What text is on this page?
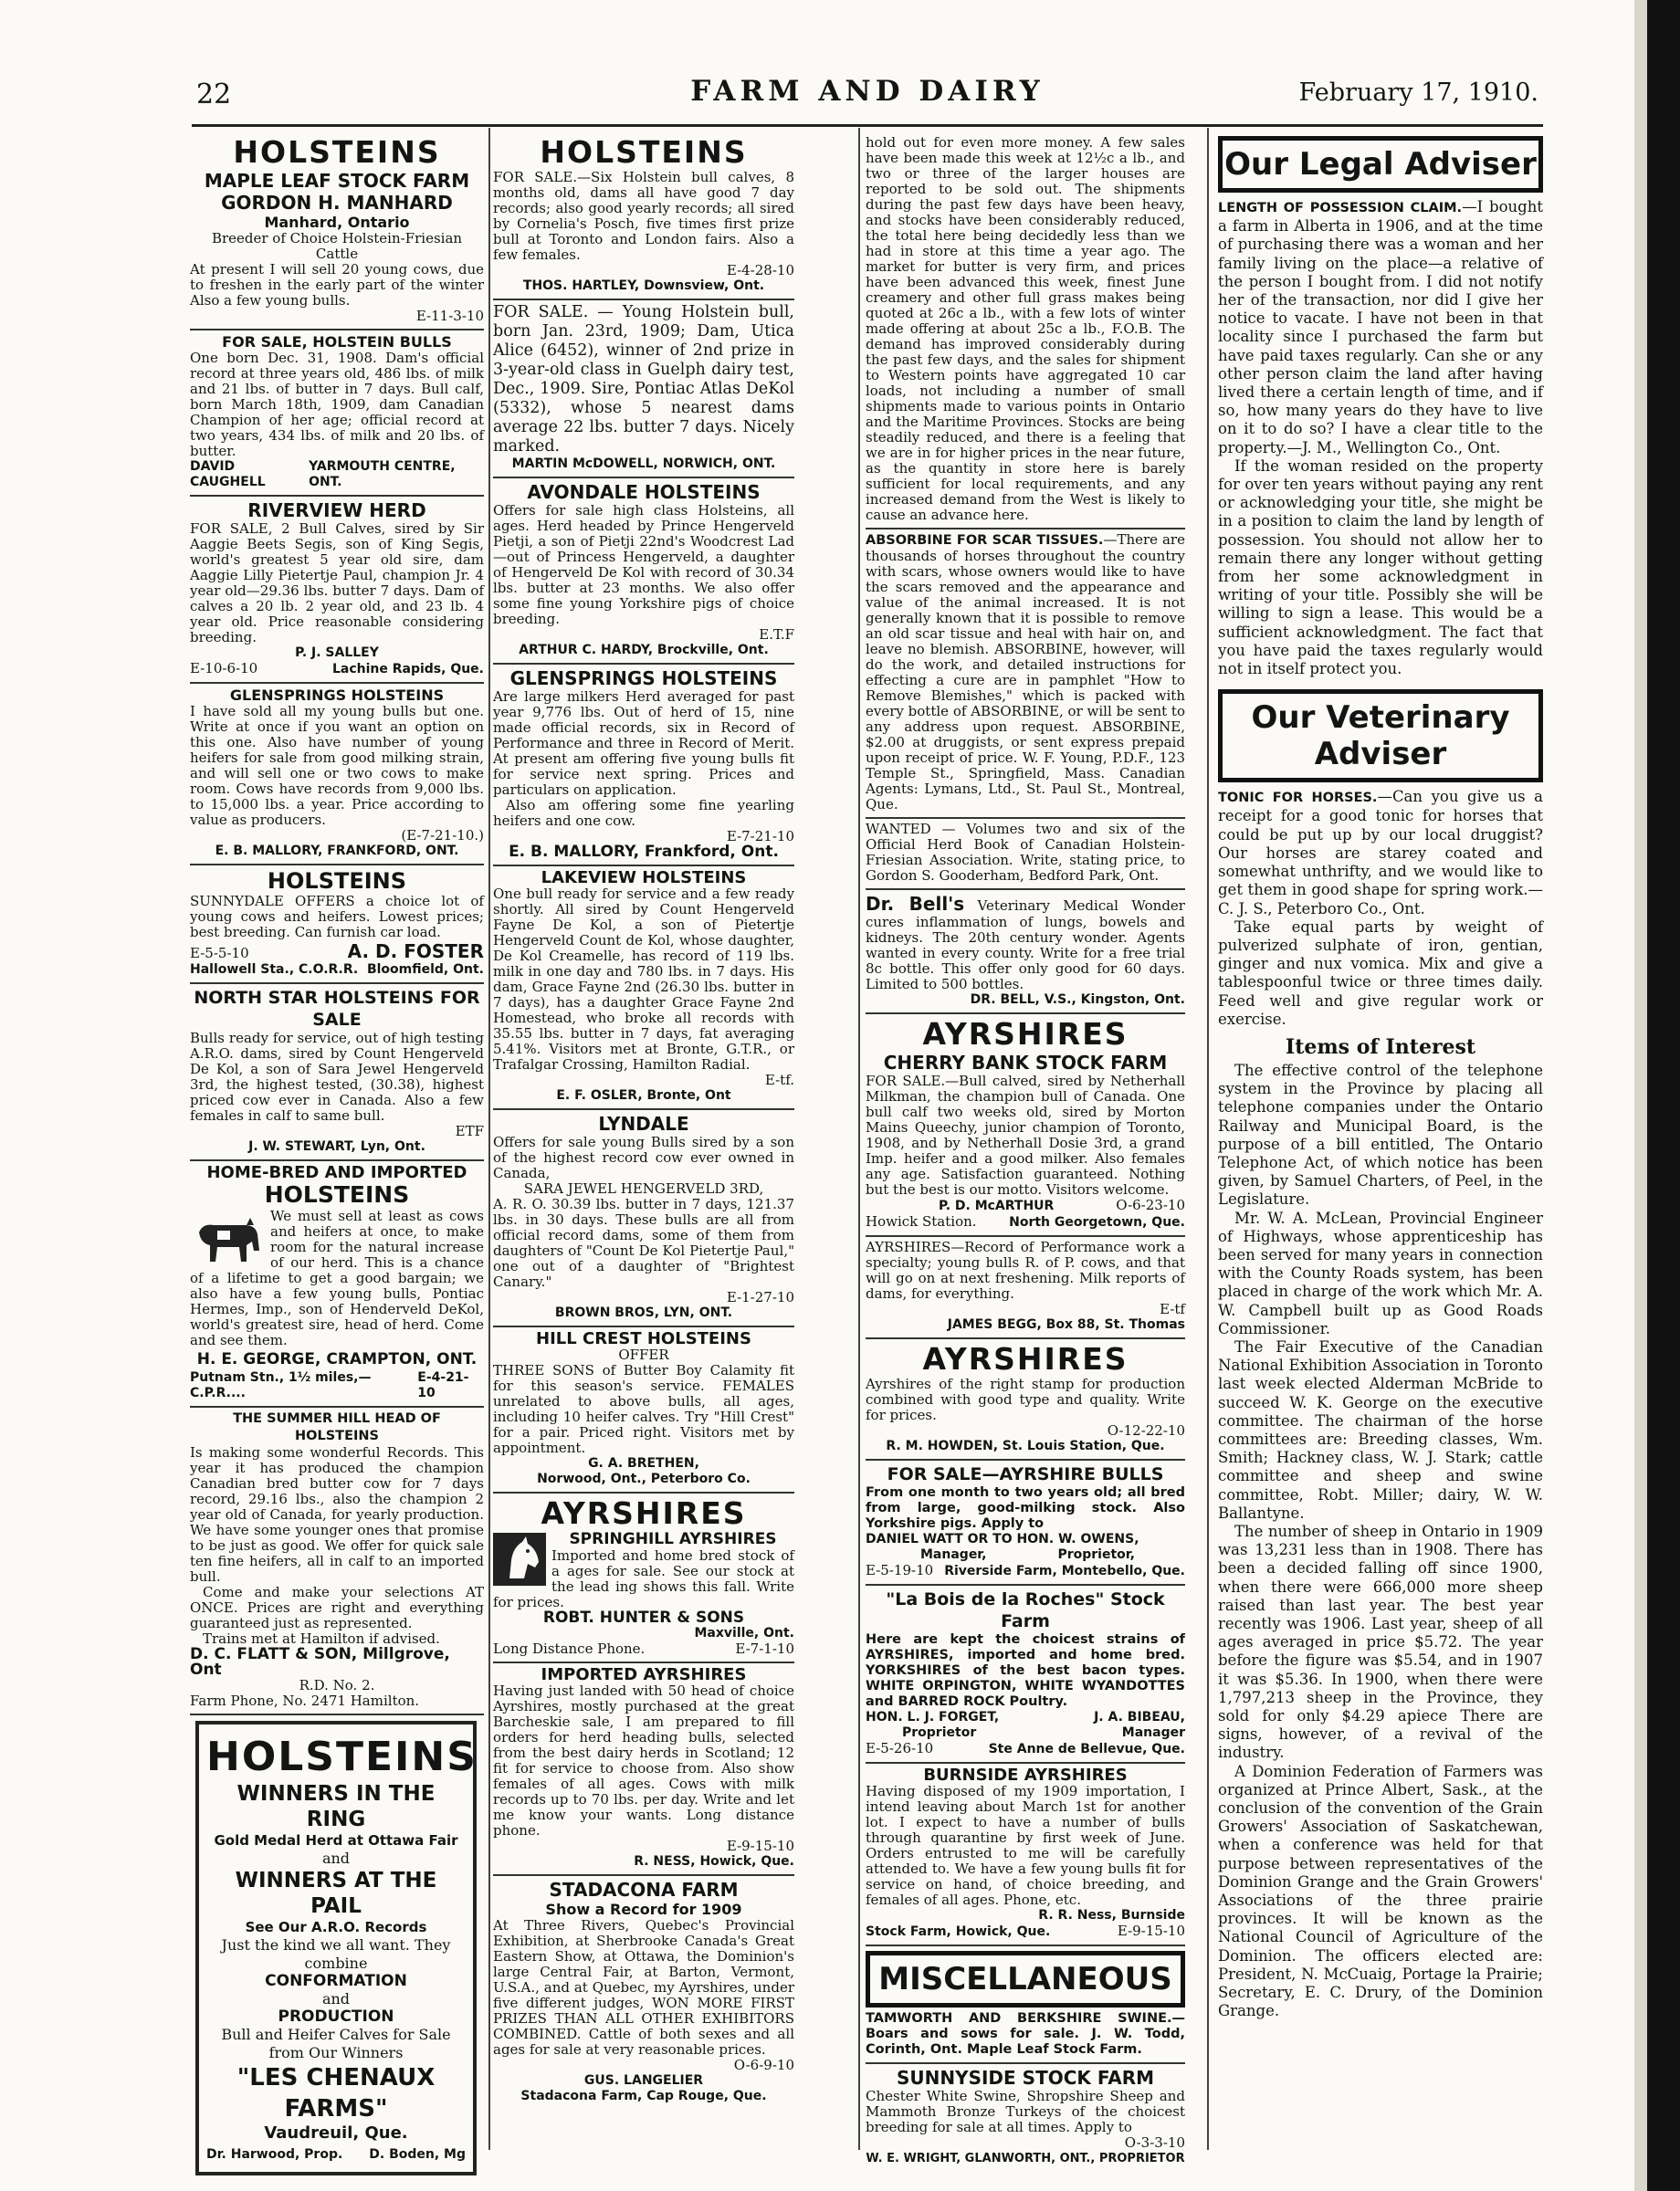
22	FARM AND DAIRY	February 17, 1910.
HOLSTEINS
MAPLE LEAF STOCK FARM
GORDON H. MANHARD
Manhard, Ontario
Breeder of Choice Holstein-Friesian Cattle
At present I will sell 20 young cows, due to freshen in the early part of the winter Also a few young bulls.
E-11-3-10
FOR SALE, HOLSTEIN BULLS
One born Dec. 31, 1908. Dam's official record at three years old, 486 lbs. of milk and 21 lbs. of butter in 7 days. Bull calf, born March 18th, 1909, dam Canadian Champion of her age; official record at two years, 434 lbs. of milk and 20 lbs. of butter.
DAVID CAUGHELL
YARMOUTH CENTRE, ONT.
RIVERVIEW HERD
FOR SALE, 2 Bull Calves, sired by Sir Aaggie Beets Segis, son of King Segis, world's greatest 5 year old sire, dam Aaggie Lilly Pietertje Paul, champion Jr. 4 year old—29.36 lbs. butter 7 days. Dam of calves a 20 lb. 2 year old, and 23 lb. 4 year old. Price reasonable considering breeding.
P. J. SALLEY
E-10-6-10	Lachine Rapids, Que.
GLENSPRINGS HOLSTEINS
I have sold all my young bulls but one. Write at once if you want an option on this one. Also have number of young heifers for sale from good milking strain, and will sell one or two cows to make room. Cows have records from 9,000 lbs. to 15,000 lbs. a year. Price according to value as producers.
(E-7-21-10.)
E. B. MALLORY, FRANKFORD, ONT.
HOLSTEINS
SUNNYDALE OFFERS a choice lot of young cows and heifers. Lowest prices; best breeding. Can furnish car load.
E-5-5-10	A. D. FOSTER
Hallowell Sta., C.O.R.R. Bloomfield, Ont.
NORTH STAR HOLSTEINS FOR SALE
Bulls ready for service, out of high testing A.R.O. dams, sired by Count Hengerveld De Kol, a son of Sara Jewel Hengerveld 3rd, the highest tested, (30.38), highest priced cow ever in Canada. Also a few females in calf to same bull.
ETF
J. W. STEWART, Lyn, Ont.
HOME-BRED AND IMPORTED
HOLSTEINS
We must sell at least as cows and heifers at once, to make room for the natural increase of our herd. This is a chance of a lifetime to get a good bargain; we also have a few young bulls, Pontiac Hermes, Imp., son of Henderveld DeKol, world's greatest sire, head of herd. Come and see them.
H. E. GEORGE, CRAMPTON, ONT.
Putnam Stn., 1½ miles,—C.P.R....
E-4-21-10
THE SUMMER HILL HEAD OF HOLSTEINS
Is making some wonderful Records. This year it has produced the champion Canadian bred butter cow for 7 days record, 29.16 lbs., also the champion 2 year old of Canada, for yearly production. We have some younger ones that promise to be just as good. We offer for quick sale ten fine heifers, all in calf to an imported bull.
Come and make your selections AT ONCE. Prices are right and everything guaranteed just as represented.
Trains met at Hamilton if advised.
D. C. FLATT & SON, Millgrove, Ont
R.D. No. 2.
Farm Phone, No. 2471 Hamilton.
HOLSTEINS
WINNERS IN THE RING
Gold Medal Herd at Ottawa Fair
and
WINNERS AT THE PAIL
See Our A.R.O. Records
Just the kind we all want. They combine
CONFORMATION
and
PRODUCTION
Bull and Heifer Calves for Sale from Our Winners
"LES CHENAUX FARMS"
Vaudreuil, Que.
Dr. Harwood, Prop. D. Boden, Mg
HOLSTEINS
FOR SALE.—Six Holstein bull calves, 8 months old, dams all have good 7 day records; also good yearly records; all sired by Cornelia's Posch, five times first prize bull at Toronto and London fairs. Also a few females.
E-4-28-10
THOS. HARTLEY, Downsview, Ont.
FOR SALE. — Young Holstein bull, born Jan. 23rd, 1909; Dam, Utica Alice (6452), winner of 2nd prize in 3-year-old class in Guelph dairy test, Dec., 1909. Sire, Pontiac Atlas DeKol (5332), whose 5 nearest dams average 22 lbs. butter 7 days. Nicely marked.
MARTIN McDOWELL, NORWICH, ONT.
AVONDALE HOLSTEINS
Offers for sale high class Holsteins, all ages. Herd headed by Prince Hengerveld Pietji, a son of Pietji 22nd's Woodcrest Lad—out of Princess Hengerveld, a daughter of Hengerveld De Kol with record of 30.34 lbs. butter at 23 months. We also offer some fine young Yorkshire pigs of choice breeding.
E.T.F
ARTHUR C. HARDY, Brockville, Ont.
GLENSPRINGS HOLSTEINS
Are large milkers Herd averaged for past year 9,776 lbs. Out of herd of 15, nine made official records, six in Record of Performance and three in Record of Merit. At present am offering five young bulls fit for service next spring. Prices and particulars on application.
Also am offering some fine yearling heifers and one cow.
E-7-21-10
E. B. MALLORY, Frankford, Ont.
LAKEVIEW HOLSTEINS
One bull ready for service and a few ready shortly. All sired by Count Hengerveld Fayne De Kol, a son of Pietertje Hengerveld Count de Kol, whose daughter, De Kol Creamelle, has record of 119 lbs. milk in one day and 780 lbs. in 7 days. His dam, Grace Fayne 2nd (26.30 lbs. butter in 7 days), has a daughter Grace Fayne 2nd Homestead, who broke all records with 35.55 lbs. butter in 7 days, fat averaging 5.41%. Visitors met at Bronte, G.T.R., or Trafalgar Crossing, Hamilton Radial.
E-tf.
E. F. OSLER, Bronte, Ont
LYNDALE
Offers for sale young Bulls sired by a son of the highest record cow ever owned in Canada,
SARA JEWEL HENGERVELD 3RD,
A. R. O. 30.39 lbs. butter in 7 days, 121.37 lbs. in 30 days. These bulls are all from official record dams, some of them from daughters of "Count De Kol Pietertje Paul," one out of a daughter of "Brightest Canary."
E-1-27-10
BROWN BROS, LYN, ONT.
HILL CREST HOLSTEINS
OFFER
THREE SONS of Butter Boy Calamity fit for this season's service. FEMALES unrelated to above bulls, all ages, including 10 heifer calves. Try "Hill Crest" for a pair. Priced right. Visitors met by appointment.
G. A. BRETHEN,
Norwood, Ont., Peterboro Co.
AYRSHIRES
SPRINGHILL AYRSHIRES
Imported and home bred stock of a ages for sale. See our stock at the lead ing shows this fall. Write for prices.
ROBT. HUNTER & SONS
Maxville, Ont.
Long Distance Phone.	E-7-1-10
IMPORTED AYRSHIRES
Having just landed with 50 head of choice Ayrshires, mostly purchased at the great Barcheskie sale, I am prepared to fill orders for herd heading bulls, selected from the best dairy herds in Scotland; 12 fit for service to choose from. Also show females of all ages. Cows with milk records up to 70 lbs. per day. Write and let me know your wants. Long distance phone.
E-9-15-10
R. NESS, Howick, Que.
STADACONA FARM
Show a Record for 1909
At Three Rivers, Quebec's Provincial Exhibition, at Sherbrooke Canada's Great Eastern Show, at Ottawa, the Dominion's large Central Fair, at Barton, Vermont, U.S.A., and at Quebec, my Ayrshires, under five different judges, WON MORE FIRST PRIZES THAN ALL OTHER EXHIBITORS COMBINED. Cattle of both sexes and all ages for sale at very reasonable prices.
O-6-9-10
GUS. LANGELIER
Stadacona Farm, Cap Rouge, Que.
hold out for even more money. A few sales have been made this week at 12½c a lb., and two or three of the larger houses are reported to be sold out. The shipments during the past few days have been heavy, and stocks have been considerably reduced, the total here being decidedly less than we had in store at this time a year ago. The market for butter is very firm, and prices have been advanced this week, finest June creamery and other full grass makes being quoted at 26c a lb., with a few lots of winter made offering at about 25c a lb., F.O.B. The demand has improved considerably during the past few days, and the sales for shipment to Western points have aggregated 10 car loads, not including a number of small shipments made to various points in Ontario and the Maritime Provinces. Stocks are being steadily reduced, and there is a feeling that we are in for higher prices in the near future, as the quantity in store here is barely sufficient for local requirements, and any increased demand from the West is likely to cause an advance here.
ABSORBINE FOR SCAR TISSUES.—There are thousands of horses throughout the country with scars, whose owners would like to have the scars removed and the appearance and value of the animal increased. It is not generally known that it is possible to remove an old scar tissue and heal with hair on, and leave no blemish. ABSORBINE, however, will do the work, and detailed instructions for effecting a cure are in pamphlet "How to Remove Blemishes," which is packed with every bottle of ABSORBINE, or will be sent to any address upon request. ABSORBINE, $2.00 at druggists, or sent express prepaid upon receipt of price. W. F. Young, P.D.F., 123 Temple St., Springfield, Mass. Canadian Agents: Lymans, Ltd., St. Paul St., Montreal, Que.
WANTED — Volumes two and six of the Official Herd Book of Canadian Holstein-Friesian Association. Write, stating price, to Gordon S. Gooderham, Bedford Park, Ont.
Dr. Bell's Veterinary Medical Wonder cures inflammation of lungs, bowels and kidneys. The 20th century wonder. Agents wanted in every county. Write for a free trial 8c bottle. This offer only good for 60 days. Limited to 500 bottles.
DR. BELL, V.S., Kingston, Ont.
AYRSHIRES
CHERRY BANK STOCK FARM
FOR SALE.—Bull calved, sired by Netherhall Milkman, the champion bull of Canada. One bull calf two weeks old, sired by Morton Mains Queechy, junior champion of Toronto, 1908, and by Netherhall Dosie 3rd, a grand Imp. heifer and a good milker. Also females any age. Satisfaction guaranteed. Nothing but the best is our motto. Visitors welcome.
P. D. McARTHUR	O-6-23-10
Howick Station.	North Georgetown, Que.
AYRSHIRES—Record of Performance work a specialty; young bulls R. of P. cows, and that will go on at next freshening. Milk reports of dams, for everything.
E-tf
JAMES BEGG, Box 88, St. Thomas
AYRSHIRES
Ayrshires of the right stamp for production combined with good type and quality. Write for prices.
O-12-22-10
R. M. HOWDEN, St. Louis Station, Que.
FOR SALE—AYRSHIRE BULLS
From one month to two years old; all bred from large, good-milking stock. Also Yorkshire pigs. Apply to
DANIEL WATT OR TO HON. W. OWENS,
Manager,                Proprietor,
E-5-19-10 Riverside Farm, Montebello, Que.
"La Bois de la Roches" Stock Farm
Here are kept the choicest strains of AYRSHIRES, imported and home bred. YORKSHIRES of the best bacon types. WHITE ORPINGTON, WHITE WYANDOTTES and BARRED ROCK Poultry.
HON. L. J. FORGET,	J. A. BIBEAU,
Proprietor	Manager
E-5-26-10	Ste Anne de Bellevue, Que.
BURNSIDE AYRSHIRES
Having disposed of my 1909 importation, I intend leaving about March 1st for another lot. I expect to have a number of bulls through quarantine by first week of June. Orders entrusted to me will be carefully attended to. We have a few young bulls fit for service on hand, of choice breeding, and females of all ages. Phone, etc.
R. R. Ness, Burnside
Stock Farm, Howick, Que.	E-9-15-10
MISCELLANEOUS
TAMWORTH AND BERKSHIRE SWINE.—Boars and sows for sale. J. W. Todd, Corinth, Ont. Maple Leaf Stock Farm.
SUNNYSIDE STOCK FARM
Chester White Swine, Shropshire Sheep and Mammoth Bronze Turkeys of the choicest breeding for sale at all times. Apply to
O-3-3-10
W. E. WRIGHT, GLANWORTH, ONT., PROPRIETOR
Our Legal Adviser

LENGTH OF POSSESSION CLAIM.—I bought a farm in Alberta in 1906, and at the time of purchasing there was a woman and her family living on the place—a relative of the person I bought from. I did not notify her of the transaction, nor did I give her notice to vacate. I have not been in that locality since I purchased the farm but have paid taxes regularly. Can she or any other person claim the land after having lived there a certain length of time, and if so, how many years do they have to live on it to do so? I have a clear title to the property.—J. M., Wellington Co., Ont.

If the woman resided on the property for over ten years without paying any rent or acknowledging your title, she might be in a position to claim the land by length of possession. You should not allow her to remain there any longer without getting from her some acknowledgment in writing of your title. Possibly she will be willing to sign a lease. This would be a sufficient acknowledgment. The fact that you have paid the taxes regularly would not in itself protect you.

Our Veterinary Adviser

TONIC FOR HORSES.—Can you give us a receipt for a good tonic for horses that could be put up by our local druggist? Our horses are starey coated and somewhat unthrifty, and we would like to get them in good shape for spring work.—C. J. S., Peterboro Co., Ont.

Take equal parts by weight of pulverized sulphate of iron, gentian, ginger and nux vomica. Mix and give a tablespoonful twice or three times daily. Feed well and give regular work or exercise.

Items of Interest

The effective control of the telephone system in the Province by placing all telephone companies under the Ontario Railway and Municipal Board, is the purpose of a bill entitled, The Ontario Telephone Act, of which notice has been given, by Samuel Charters, of Peel, in the Legislature.

Mr. W. A. McLean, Provincial Engineer of Highways, whose apprenticeship has been served for many years in connection with the County Roads system, has been placed in charge of the work which Mr. A. W. Campbell built up as Good Roads Commissioner.

The Fair Executive of the Canadian National Exhibition Association in Toronto last week elected Alderman McBride to succeed W. K. George on the executive committee. The chairman of the horse committees are: Breeding classes, Wm. Smith; Hackney class, W. J. Stark; cattle committee and sheep and swine committee, Robt. Miller; dairy, W. W. Ballantyne.

The number of sheep in Ontario in 1909 was 13,231 less than in 1908. There has been a decided falling off since 1900, when there were 666,000 more sheep raised than last year. The best year recently was 1906. Last year, sheep of all ages averaged in price $5.72. The year before the figure was $5.54, and in 1907 it was $5.36. In 1900, when there were 1,797,213 sheep in the Province, they sold for only $4.29 apiece There are signs, however, of a revival of the industry.

A Dominion Federation of Farmers was organized at Prince Albert, Sask., at the conclusion of the convention of the Grain Growers' Association of Saskatchewan, when a conference was held for that purpose between representatives of the Dominion Grange and the Grain Growers' Associations of the three prairie provinces. It will be known as the National Council of Agriculture of the Dominion. The officers elected are: President, N. McCuaig, Portage la Prairie; Secretary, E. C. Drury, of the Dominion Grange.
